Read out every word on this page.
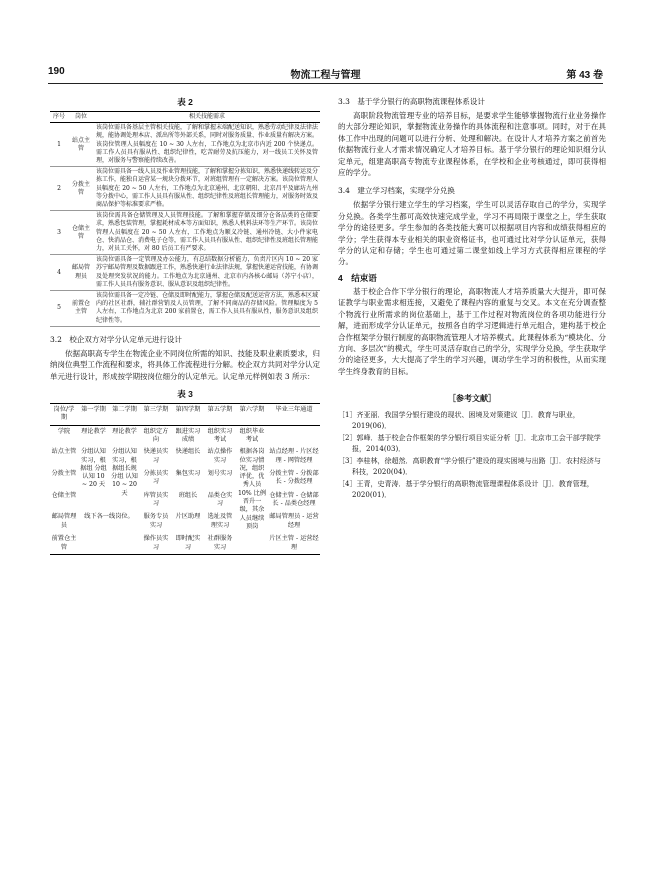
190	物流工程与管理	第 43 卷
表 2
序号	岗位	相关技能需求
1	站点主管	该岗位需具备基层主管相关技能，了解和掌握末端配送知识，熟悉劳动纪律及法律法规，能协调处理本店、派出所等外部关系，同时对服务质量、作业质量有解决方案。该岗位管理人员幅度在 10 ~ 30 人左右，工作地点为北京市内近 200 个快递点。需工作人员具有服从性、组织纪律性，吃苦耐劳及抗压能力，对一线员工关怀及管理，对服务与警察能持续改善。
2	分拨主管	该岗位需具备一线人员及作业管理技能，了解和掌握分拣知识，熟悉快递线转运及分拣工作，能独自运营某一规块分拨环节，对班组管理有一定解决方案。该岗位管理人员幅度在 20 ~ 50 人左右，工作地点为北京通州、北京朝阳、北京昌平及廊坊九州等分拨中心，需工作人员具有服从性、组织纪律性及班组长管理能力，对服务时效及商品保护等标准要求严格。
3	仓储主管	该岗位需具备仓储管理及人员管理技能。了解和掌握存储及细分仓备品类的仓储要求，熟悉包装管理，掌握耗材成本等方面知识，熟悉人机料法环等生产环节。该岗位管理人员幅度在 20 ~ 50 人左右，工作地点为顺义冷链、通州冷链、大小件家电仓、快消品仓、消费电子仓等，需工作人员具有服从性、组织纪律性及班组长管理能力，对员工关怀，对 80 后员工有严要求。
4	邮局管理员	该岗位需具备一定管理及办公能力，有总结数据分析能力，负责片区内 10 ~ 20 家苏宁邮局管理及数据跟进工作，熟悉快递行业法律法规，掌握快递运营技能，有协调及处理突发状况的能力。工作地点为北京通州、北京市内各核心邮局（苏宁小店），需工作人员具有服务意识、服从意识及组织纪律性。
5	前置仓主管	该岗位需具备一定冷链、仓储及即时配能力，掌握仓储及配送运营方法，熟悉本区域内的社区社群，辅社群营销及人员管理，了解不同商品的存储风险。管理幅度为 5 人左右，工作地点为北京 200 家前置仓，需工作人员具有服从性，服务意识及组织纪律性等。
3.2　校企双方对学分认定单元进行设计

依据高职高专学生在物流企业不同岗位所需的知识、技能及职业素质要求，归纳岗位典型工作流程和要求，将具体工作流程进行分解。校企双方共同对学分认定单元进行设计，形成按学期按岗位细分的认定单元。认定单元样例如表 3 所示：

表 3
岗位/学期	第一学期	第二学期	第三学期	第四学期	第五学期	第六学期	毕业三年通道
学院	理论教学	理论教学	组织定方向	跟进实习成绩	组织实习考试	组织毕业考试	
站点主管	分组认知实习，根据组 分组 认知 10 ~ 20 天	分组认知实习，根据组长规 分组 认知 10 ~ 20 天	快递员实习	快递组长	站点操作实习	根据各岗位实习情况，组织评优，优秀人员 10% 比例晋升一级，其余人员继续顶岗	站点经理 - 片区经理 - 网管经理
分拨主管			分拣员实习	集包实习	划号实习		分拨主管 - 分拨部长 - 分拨经理
仓储主管			库管员实习	班组长	品类仓实习		仓储主管 - 仓储部长 - 品类仓经理
邮局管理员	线下各一线岗位。		服务专员实习	片区助理	选址及管理实习		邮局管理员 - 运营经理
前置仓主管			操作员实习	即时配实习	社群服务实习		片区主管 - 运营经理
3.3　基于学分银行的高职物流课程体系设计

高职阶段物流管理专业的培养目标，是要求学生能够掌握物流行业业务操作的大部分理论知识，掌握物流业务操作的具体流程和注意事项。同时，对于在具体工作中出现的问题可以进行分析、处理和解决。在设计人才培养方案之前首先依据物流行业人才需求情况确定人才培养目标。基于学分银行的理论知识细分认定单元，组建高职高专物流专业课程体系，在学校和企业考核通过，即可获得相应的学分。

3.4　建立学习档案，实现学分兑换

依据学分银行建立学生的学习档案，学生可以灵活存取自己的学分，实现学分兑换。各类学生都可高效快速完成学业，学习不再局限于课堂之上，学生获取学分的途径更多。学生参加的各类技能大赛可以根据项目内容和成绩获得相应的学分；学生获得本专业相关的职业资格证书，也可通过比对学分认证单元，获得学分的认定和存储；学生也可通过第二课堂如线上学习方式获得相应课程的学分。

4　结束语

基于校企合作下学分银行的理论，高职物流人才培养质量大大提升，即可保证教学与职业需求相连接，又避免了课程内容的重复与交叉。本文在充分调查整个物流行业所需求的岗位基础上，基于工作过程对物流岗位的各项功能进行分解，进而形成学分认证单元，按照各自的学习逻辑进行单元组合，建构基于校企合作框架学分银行制度的高职物流管理人才培养模式。此课程体系为“模块化、分方向、多层次”的模式，学生可灵活存取自己的学分，实现学分兑换，学生获取学分的途径更多，大大提高了学生的学习兴趣，调动学生学习的积极性，从而实现学生终身教育的目标。

［参考文献］

［1］齐亚丽．我国学分银行建设的现状、困境及对策建议［J］．教育与职业，2019(06)．

［2］郭峰．基于校企合作框架的学分银行项目实证分析［J］．北京市工会干部学院学报，2014(03)．

［3］李桂林，徐超然．高职教育“学分银行”建设的现实困境与出路［J］．农村经济与科技，2020(04)．

［4］王青，史青涛．基于学分银行的高职物流管理课程体系设计［J］．教育管理，2020(01)．
